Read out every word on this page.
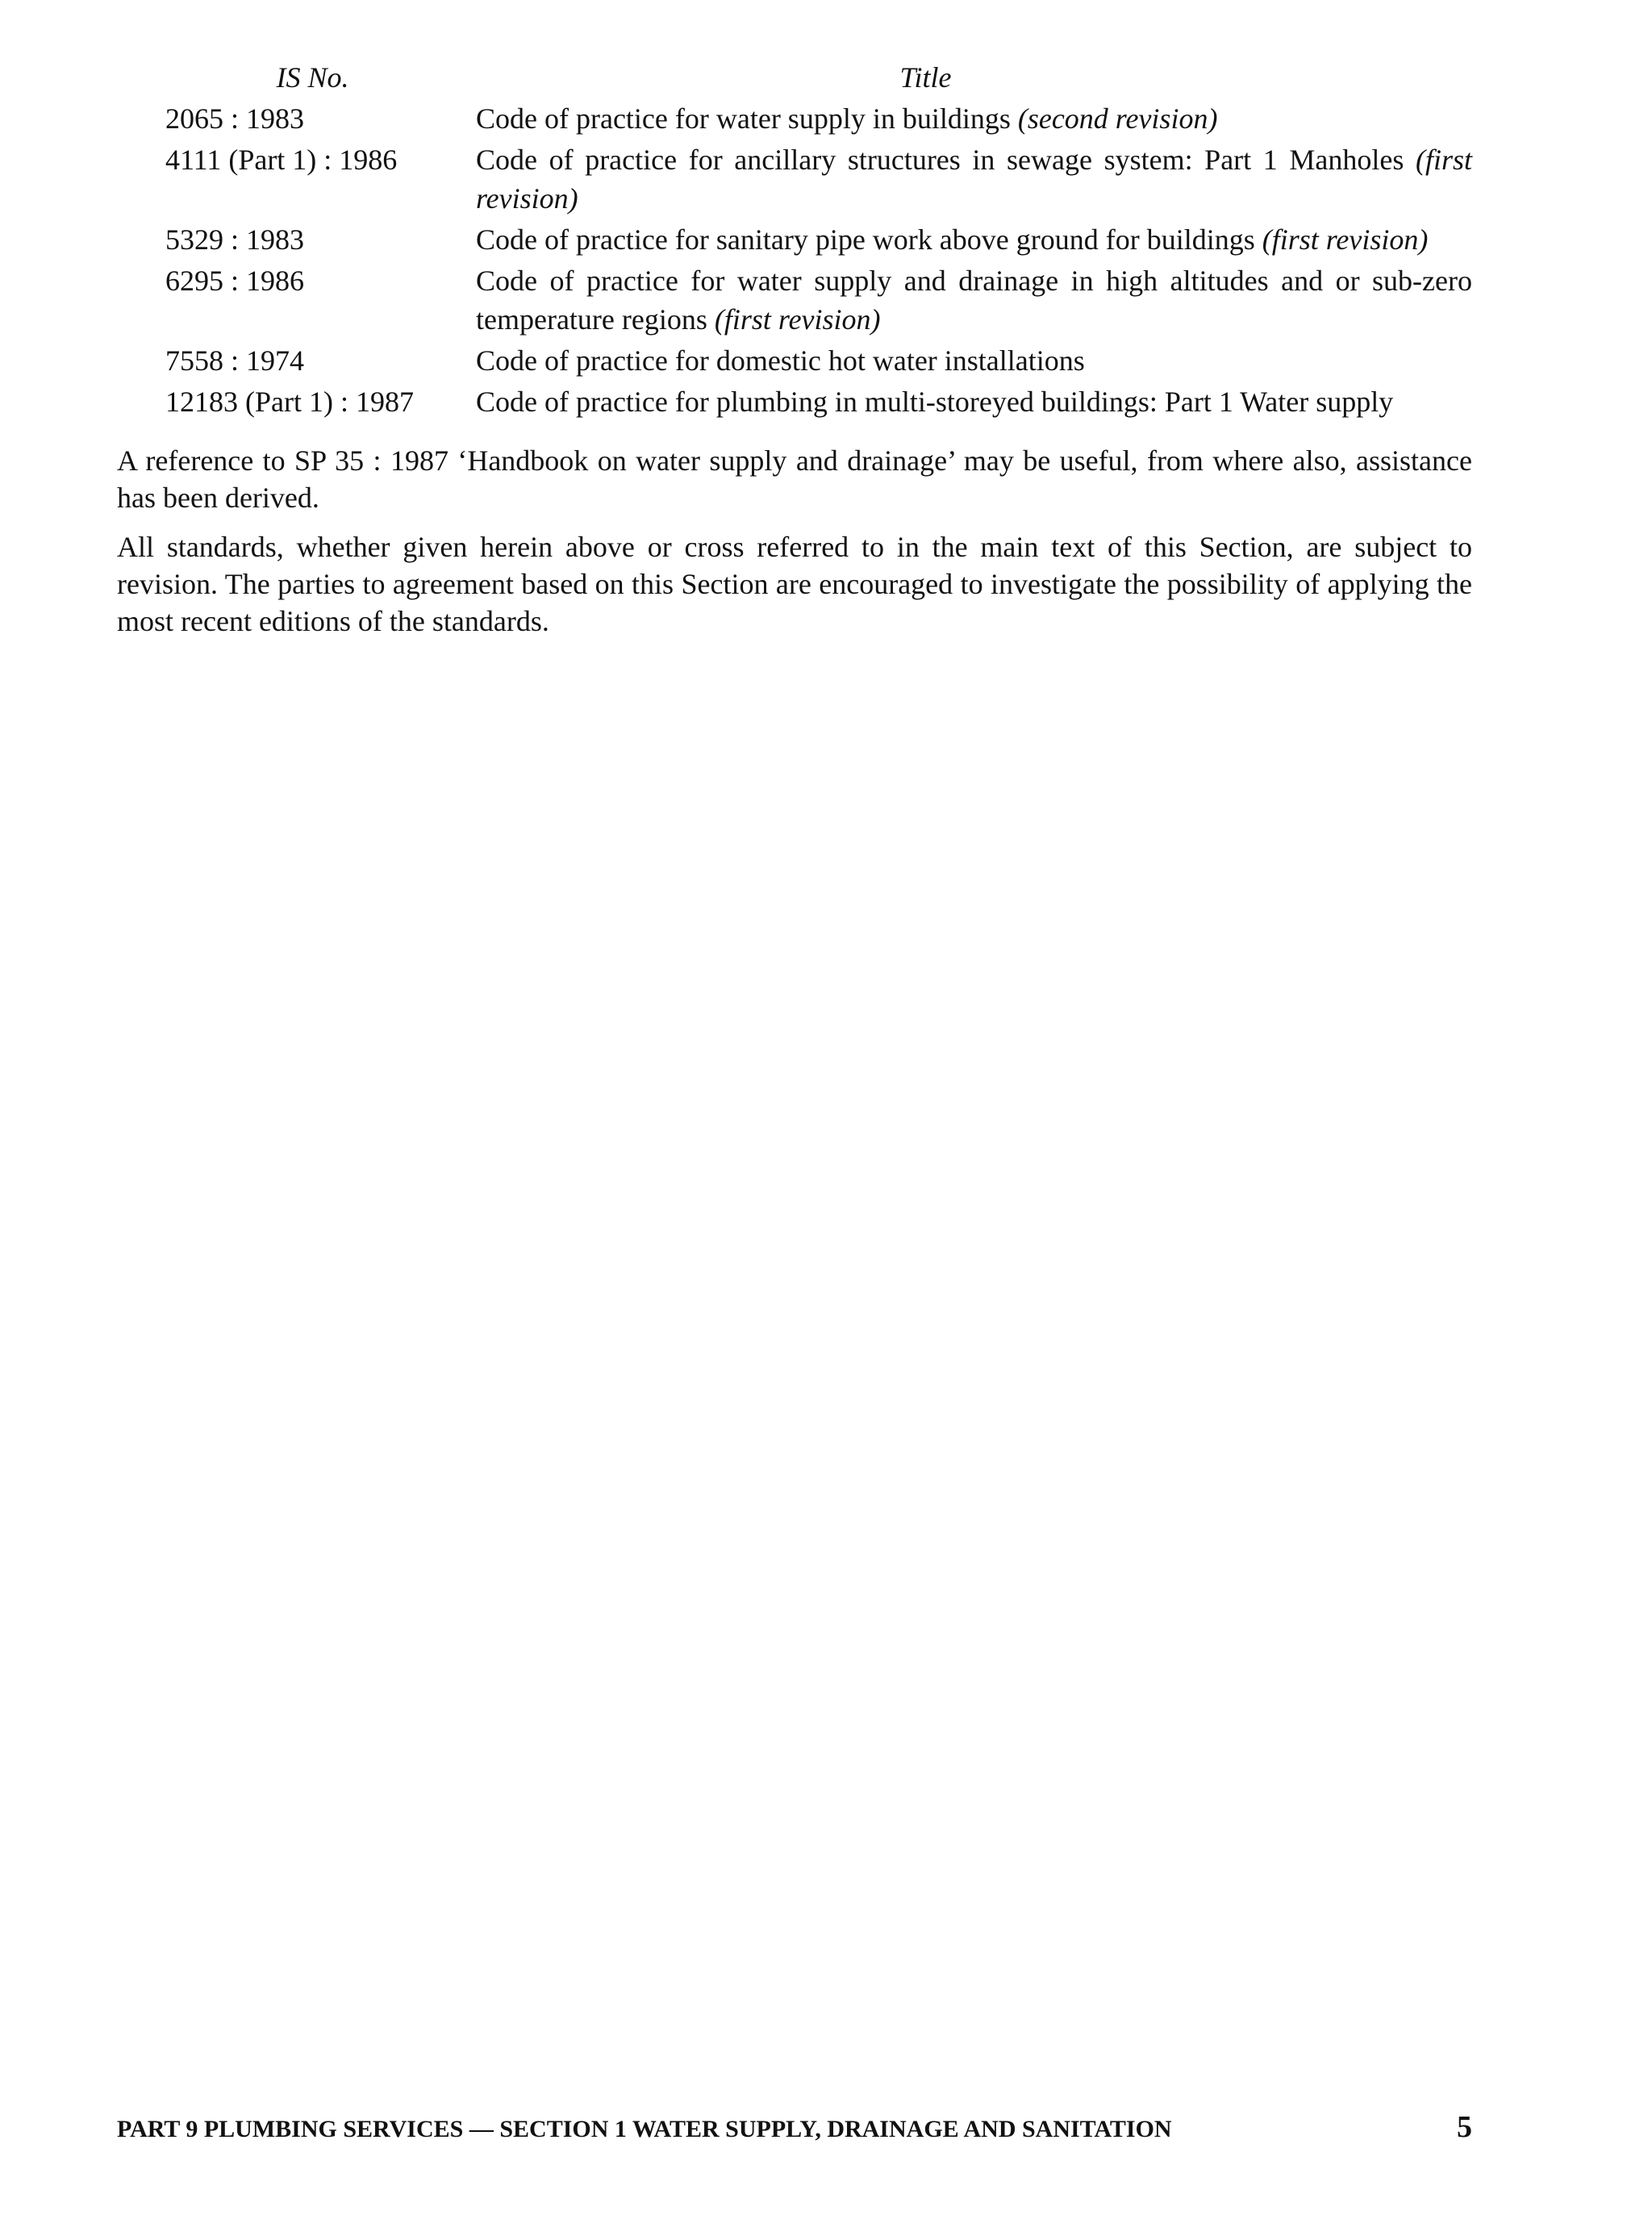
IS No.	Title
2065 : 1983	Code of practice for water supply in buildings (second revision)
4111 (Part 1) : 1986	Code of practice for ancillary structures in sewage system: Part 1 Manholes (first revision)
5329 : 1983	Code of practice for sanitary pipe work above ground for buildings (first revision)
6295 : 1986	Code of practice for water supply and drainage in high altitudes and or sub-zero temperature regions (first revision)
7558 : 1974	Code of practice for domestic hot water installations
12183 (Part 1) : 1987	Code of practice for plumbing in multi-storeyed buildings: Part 1 Water supply

A reference to SP 35 : 1987 ‘Handbook on water supply and drainage’ may be useful, from where also, assistance has been derived.

All standards, whether given herein above or cross referred to in the main text of this Section, are subject to revision. The parties to agreement based on this Section are encouraged to investigate the possibility of applying the most recent editions of the standards.

PART 9 PLUMBING SERVICES — SECTION 1 WATER SUPPLY, DRAINAGE AND SANITATION	5
